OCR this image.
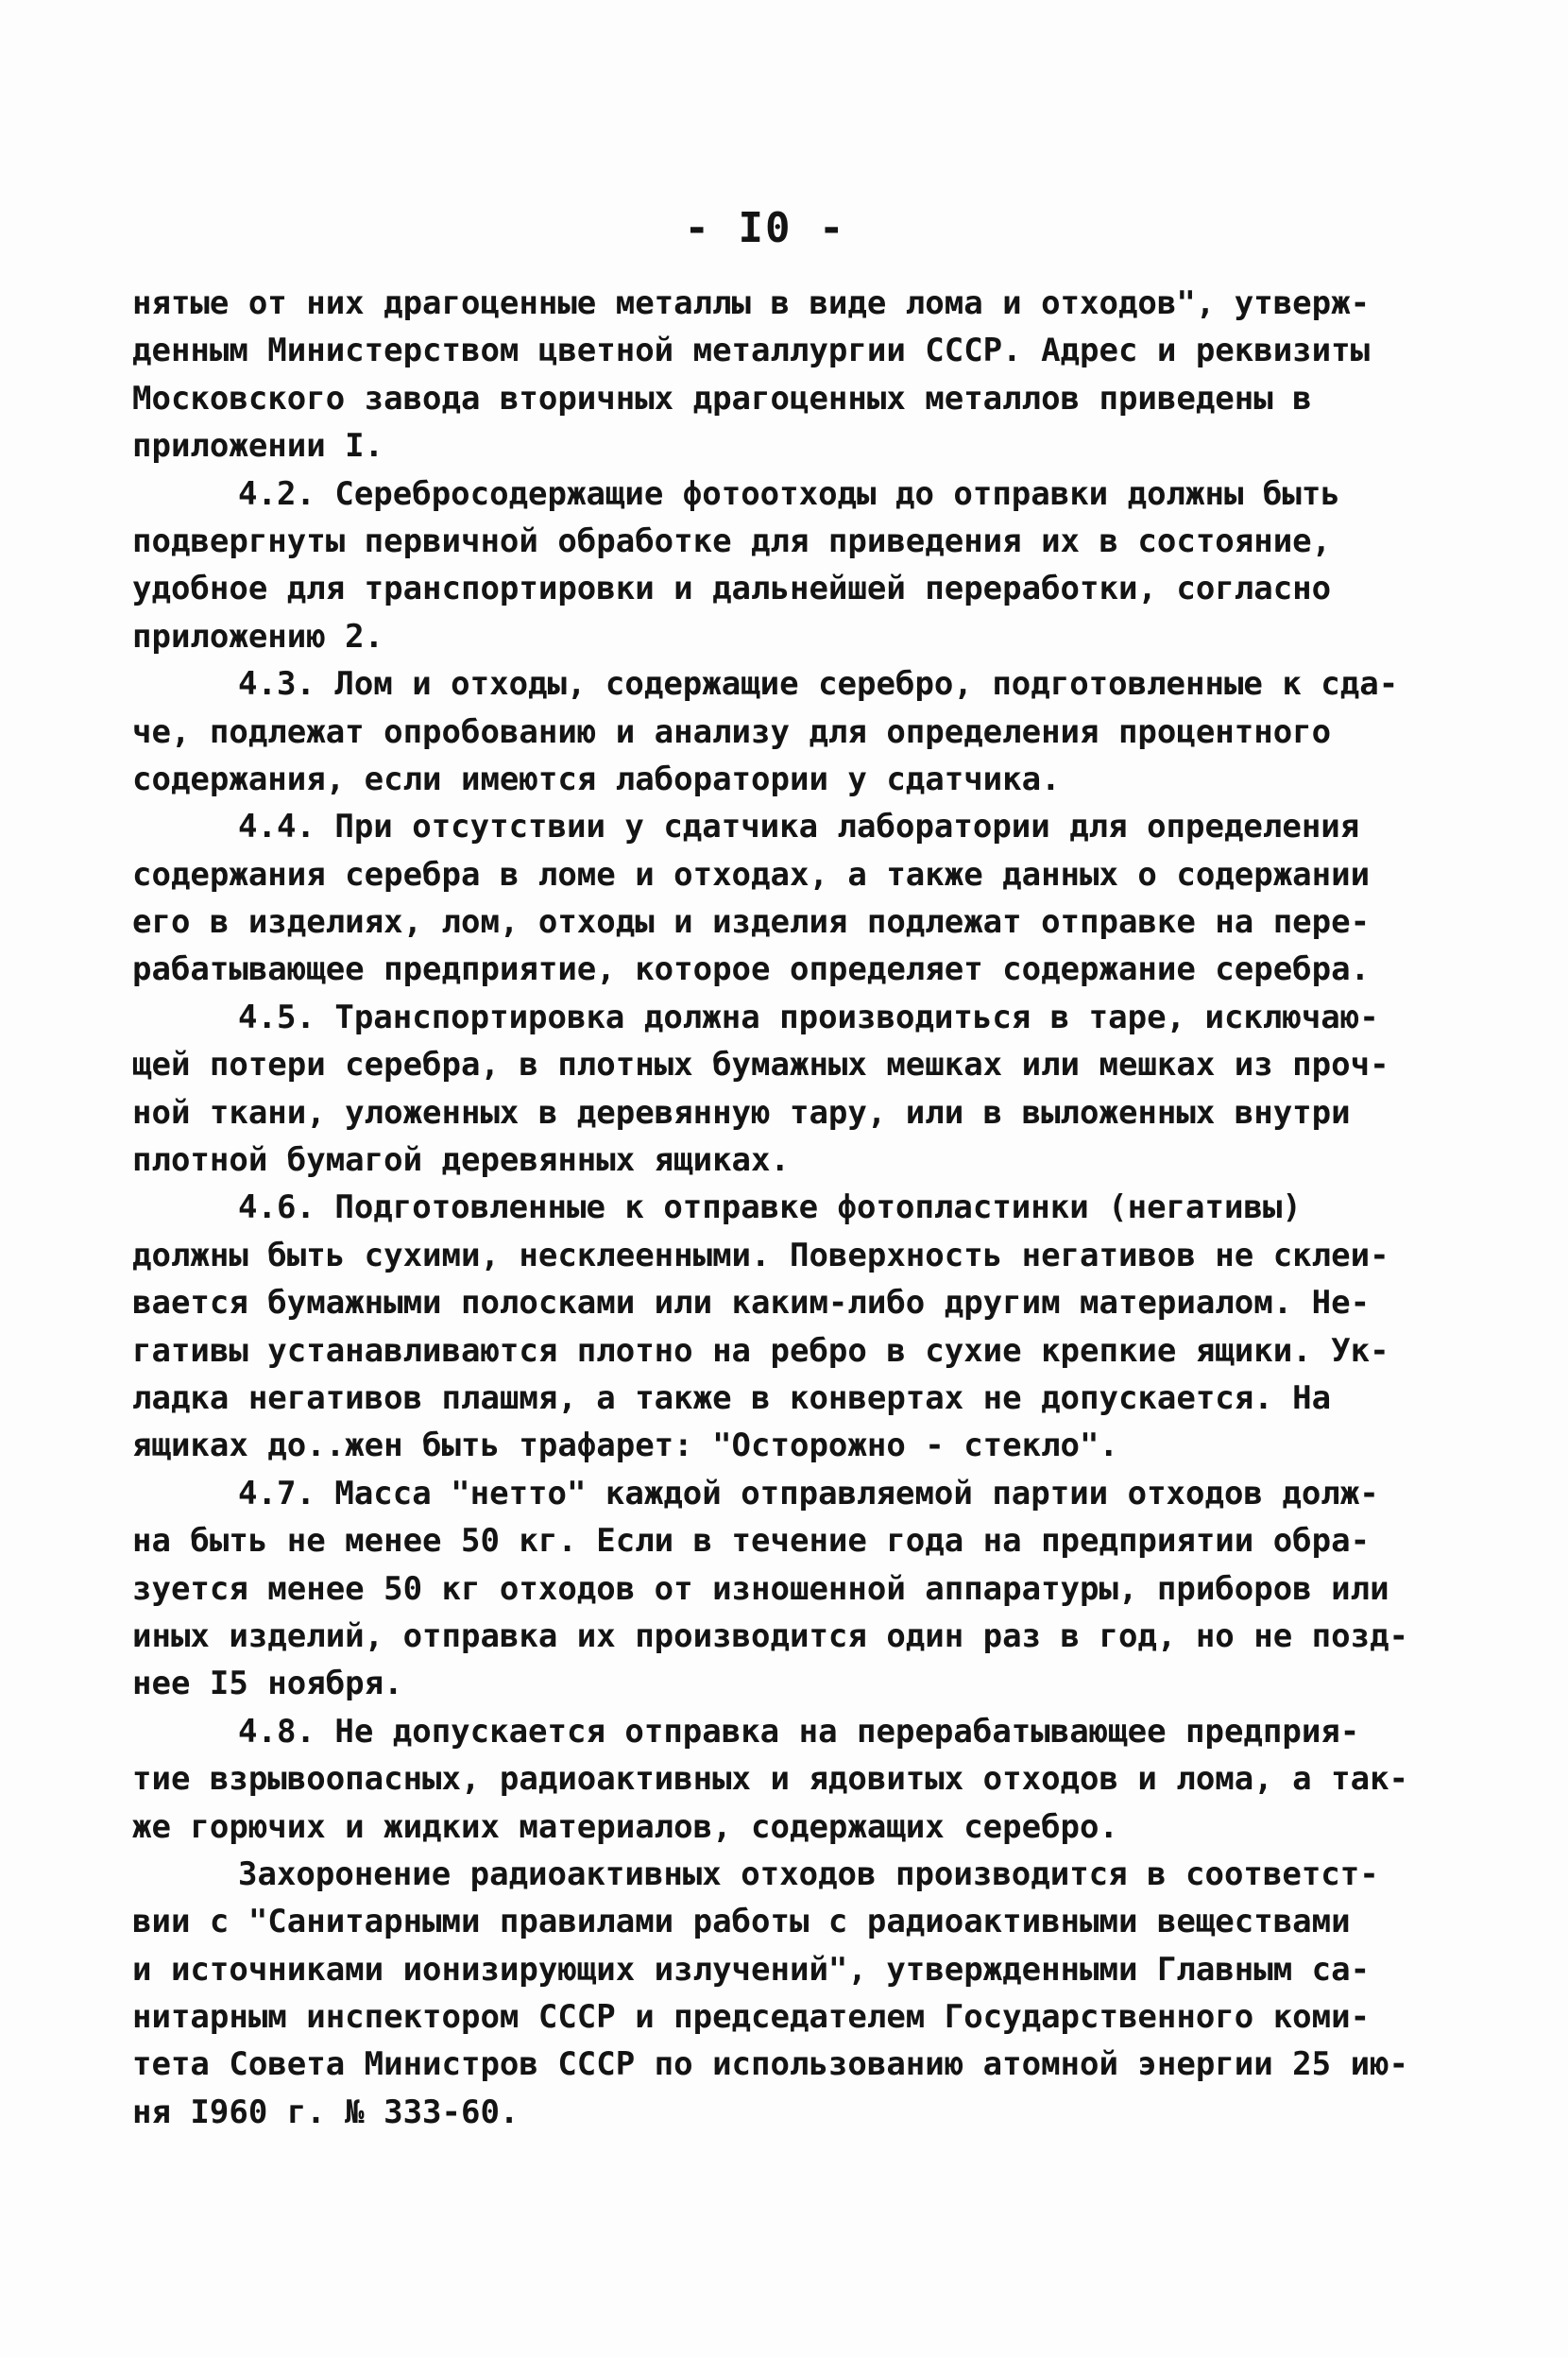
- I0 -
нятые от них драгоценные металлы в виде лома и отходов", утверж-
денным Министерством цветной металлургии СССР. Адрес и реквизиты
Московского завода вторичных драгоценных металлов приведены в
приложении I.
4.2. Серебросодержащие фотоотходы до отправки должны быть
подвергнуты первичной обработке для приведения их в состояние,
удобное для транспортировки и дальнейшей переработки, согласно
приложению 2.
4.3. Лом и отходы, содержащие серебро, подготовленные к сда-
че, подлежат опробованию и анализу для определения процентного
содержания, если имеются лаборатории у сдатчика.
4.4. При отсутствии у сдатчика лаборатории для определения
содержания серебра в ломе и отходах, а также данных о содержании
его в изделиях, лом, отходы и изделия подлежат отправке на пере-
рабатывающее предприятие, которое определяет содержание серебра.
4.5. Транспортировка должна производиться в таре, исключаю-
щей потери серебра, в плотных бумажных мешках или мешках из проч-
ной ткани, уложенных в деревянную тару, или в выложенных внутри
плотной бумагой деревянных ящиках.
4.6. Подготовленные к отправке фотопластинки (негативы)
должны быть сухими, несклеенными. Поверхность негативов не склеи-
вается бумажными полосками или каким-либо другим материалом. Не-
гативы устанавливаются плотно на ребро в сухие крепкие ящики. Ук-
ладка негативов плашмя, а также в конвертах не допускается. На
ящиках до..жен быть трафарет: "Осторожно - стекло".
4.7. Масса "нетто" каждой отправляемой партии отходов долж-
на быть не менее 50 кг. Если в течение года на предприятии обра-
зуется менее 50 кг отходов от изношенной аппаратуры, приборов или
иных изделий, отправка их производится один раз в год, но не позд-
нее I5 ноября.
4.8. Не допускается отправка на перерабатывающее предприя-
тие взрывоопасных, радиоактивных и ядовитых отходов и лома, а так-
же горючих и жидких материалов, содержащих серебро.
Захоронение радиоактивных отходов производится в соответст-
вии с "Санитарными правилами работы с радиоактивными веществами
и источниками ионизирующих излучений", утвержденными Главным са-
нитарным инспектором СССР и председателем Государственного коми-
тета Совета Министров СССР по использованию атомной энергии 25 ию-
ня I960 г. № 333-60.
